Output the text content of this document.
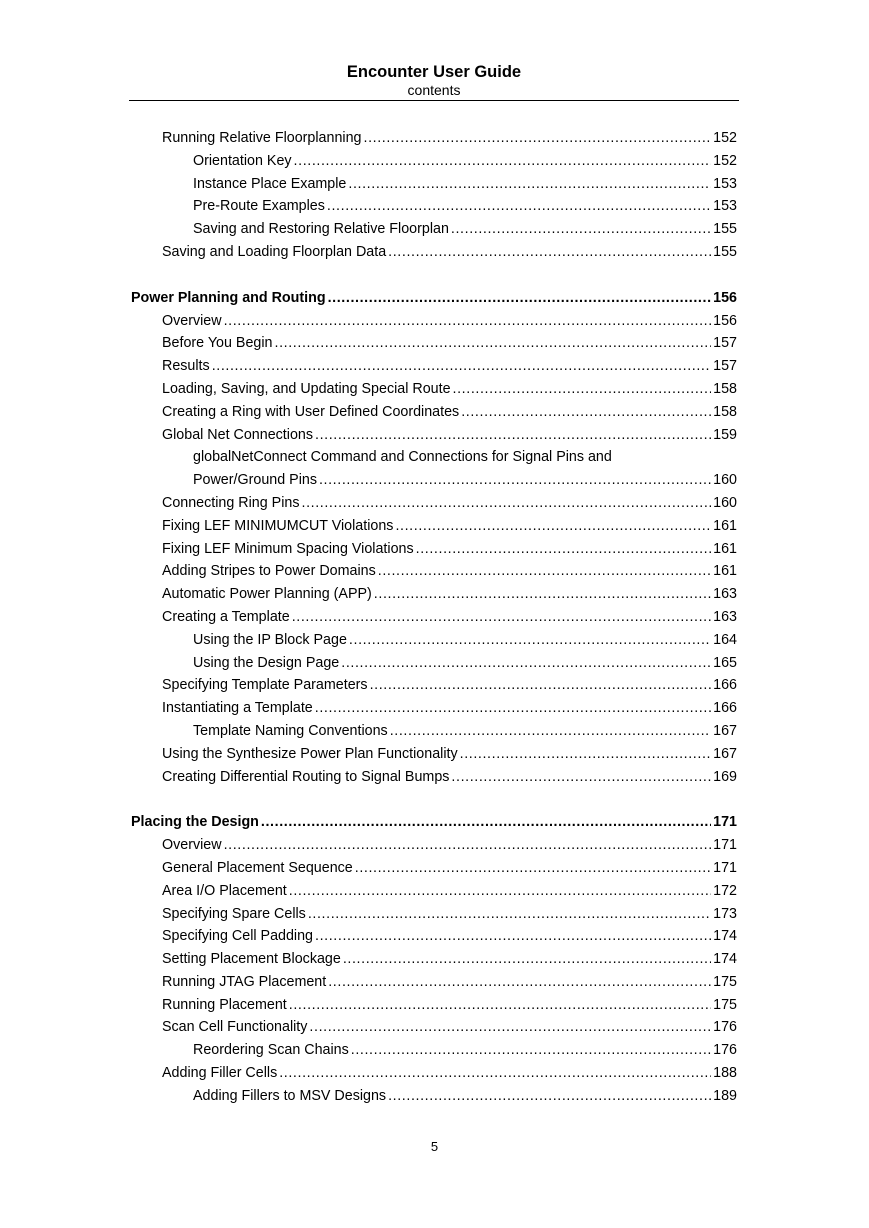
Encounter User Guide
contents
Running Relative Floorplanning .....	152
Orientation Key .....	152
Instance Place Example .....	153
Pre-Route Examples .....	153
Saving and Restoring Relative Floorplan .....	155
Saving and Loading Floorplan Data .....	155
Power Planning and Routing .....	156
Overview .....	156
Before You Begin .....	157
Results .....	157
Loading, Saving, and Updating Special Route .....	158
Creating a Ring with User Defined Coordinates .....	158
Global Net Connections .....	159
globalNetConnect Command and Connections for Signal Pins and
Power/Ground Pins .....	160
Connecting Ring Pins .....	160
Fixing LEF MINIMUMCUT Violations .....	161
Fixing LEF Minimum Spacing Violations .....	161
Adding Stripes to Power Domains .....	161
Automatic Power Planning (APP) .....	163
Creating a Template .....	163
Using the IP Block Page .....	164
Using the Design Page .....	165
Specifying Template Parameters .....	166
Instantiating a Template .....	166
Template Naming Conventions .....	167
Using the Synthesize Power Plan Functionality .....	167
Creating Differential Routing to Signal Bumps .....	169
Placing the Design .....	171
Overview .....	171
General Placement Sequence .....	171
Area I/O Placement .....	172
Specifying Spare Cells .....	173
Specifying Cell Padding .....	174
Setting Placement Blockage .....	174
Running JTAG Placement .....	175
Running Placement .....	175
Scan Cell Functionality .....	176
Reordering Scan Chains .....	176
Adding Filler Cells .....	188
Adding Fillers to MSV Designs .....	189
5
